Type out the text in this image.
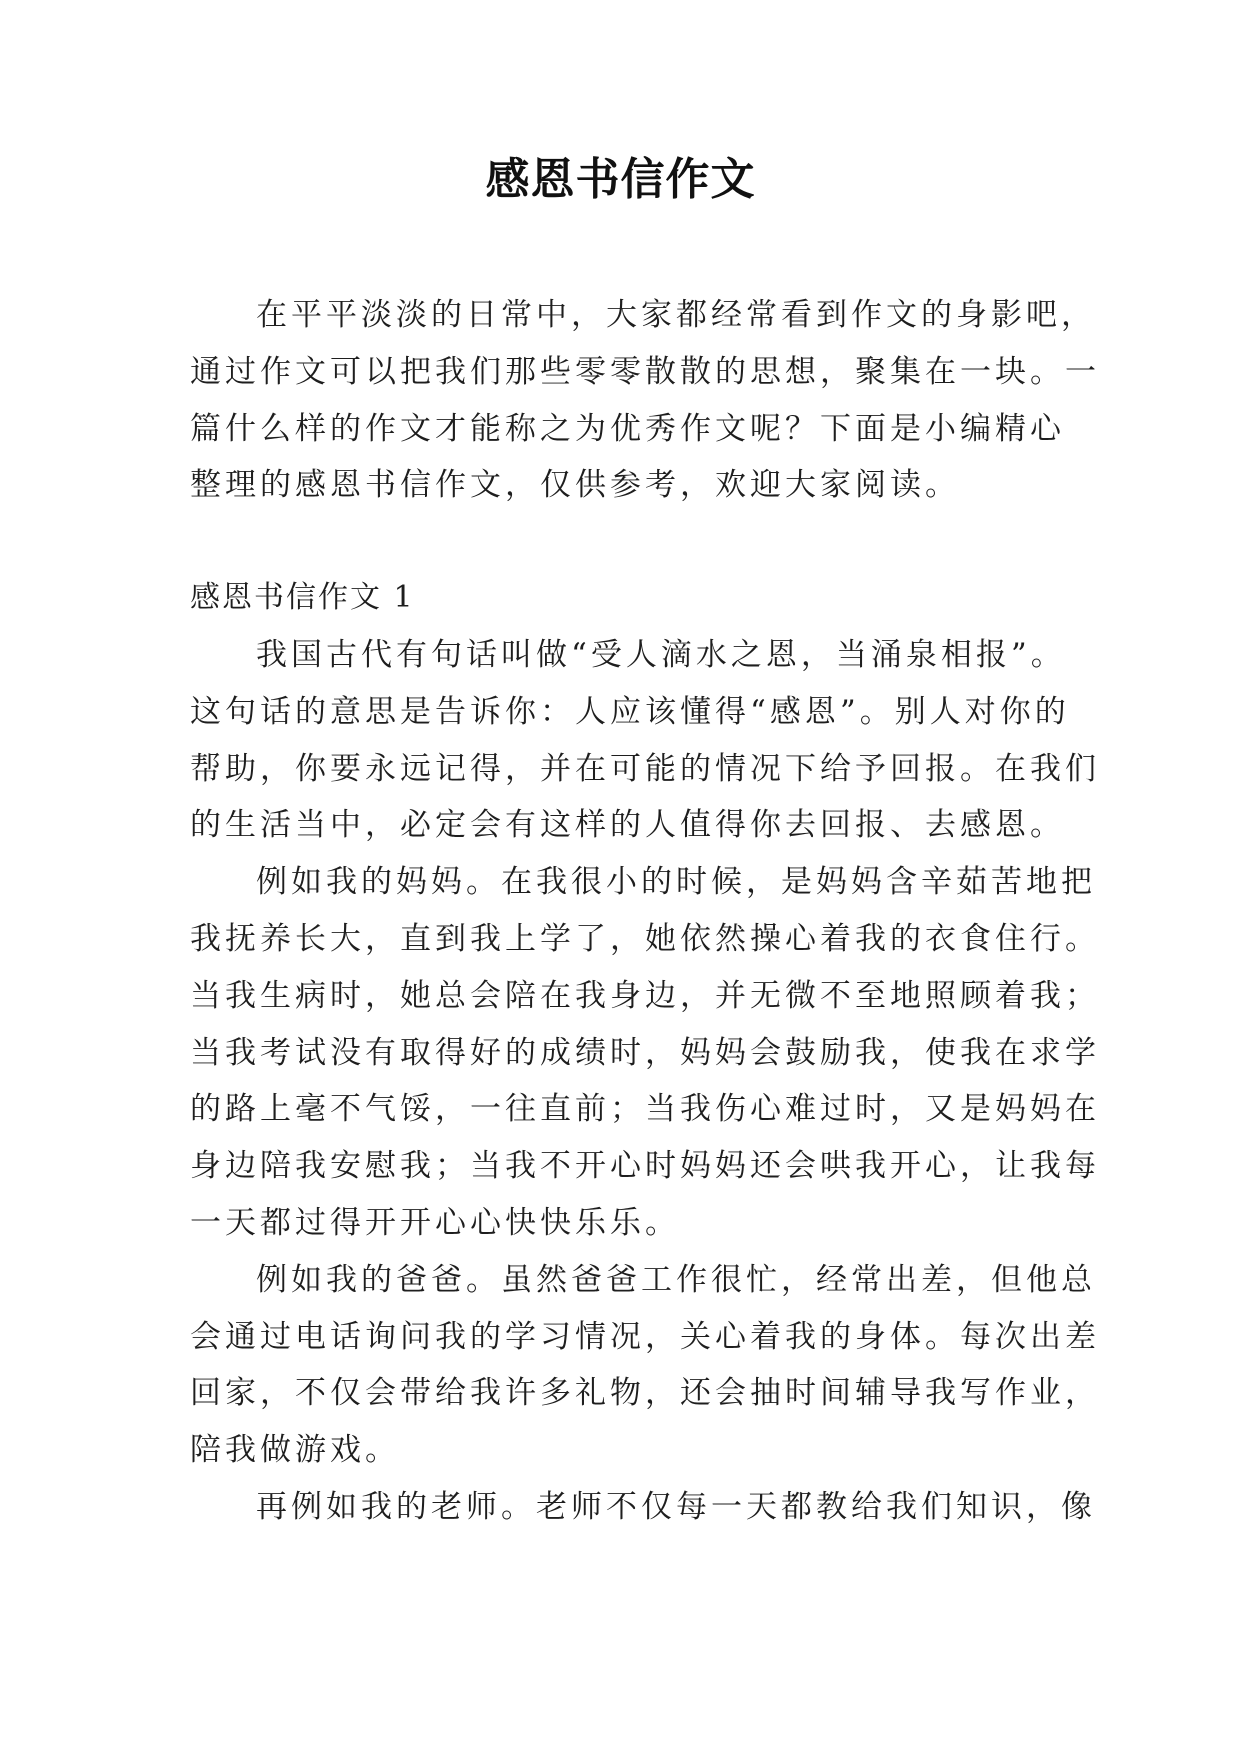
感恩书信作文
在平平淡淡的日常中，大家都经常看到作文的身影吧，
通过作文可以把我们那些零零散散的思想，聚集在一块。一
篇什么样的作文才能称之为优秀作文呢？下面是小编精心
整理的感恩书信作文，仅供参考，欢迎大家阅读。
感恩书信作文 1
我国古代有句话叫做“受人滴水之恩，当涌泉相报”。
这句话的意思是告诉你：人应该懂得“感恩”。别人对你的
帮助，你要永远记得，并在可能的情况下给予回报。在我们
的生活当中，必定会有这样的人值得你去回报、去感恩。
例如我的妈妈。在我很小的时候，是妈妈含辛茹苦地把
我抚养长大，直到我上学了，她依然操心着我的衣食住行。
当我生病时，她总会陪在我身边，并无微不至地照顾着我；
当我考试没有取得好的成绩时，妈妈会鼓励我，使我在求学
的路上毫不气馁，一往直前；当我伤心难过时，又是妈妈在
身边陪我安慰我；当我不开心时妈妈还会哄我开心，让我每
一天都过得开开心心快快乐乐。
例如我的爸爸。虽然爸爸工作很忙，经常出差，但他总
会通过电话询问我的学习情况，关心着我的身体。每次出差
回家，不仅会带给我许多礼物，还会抽时间辅导我写作业，
陪我做游戏。
再例如我的老师。老师不仅每一天都教给我们知识，像
